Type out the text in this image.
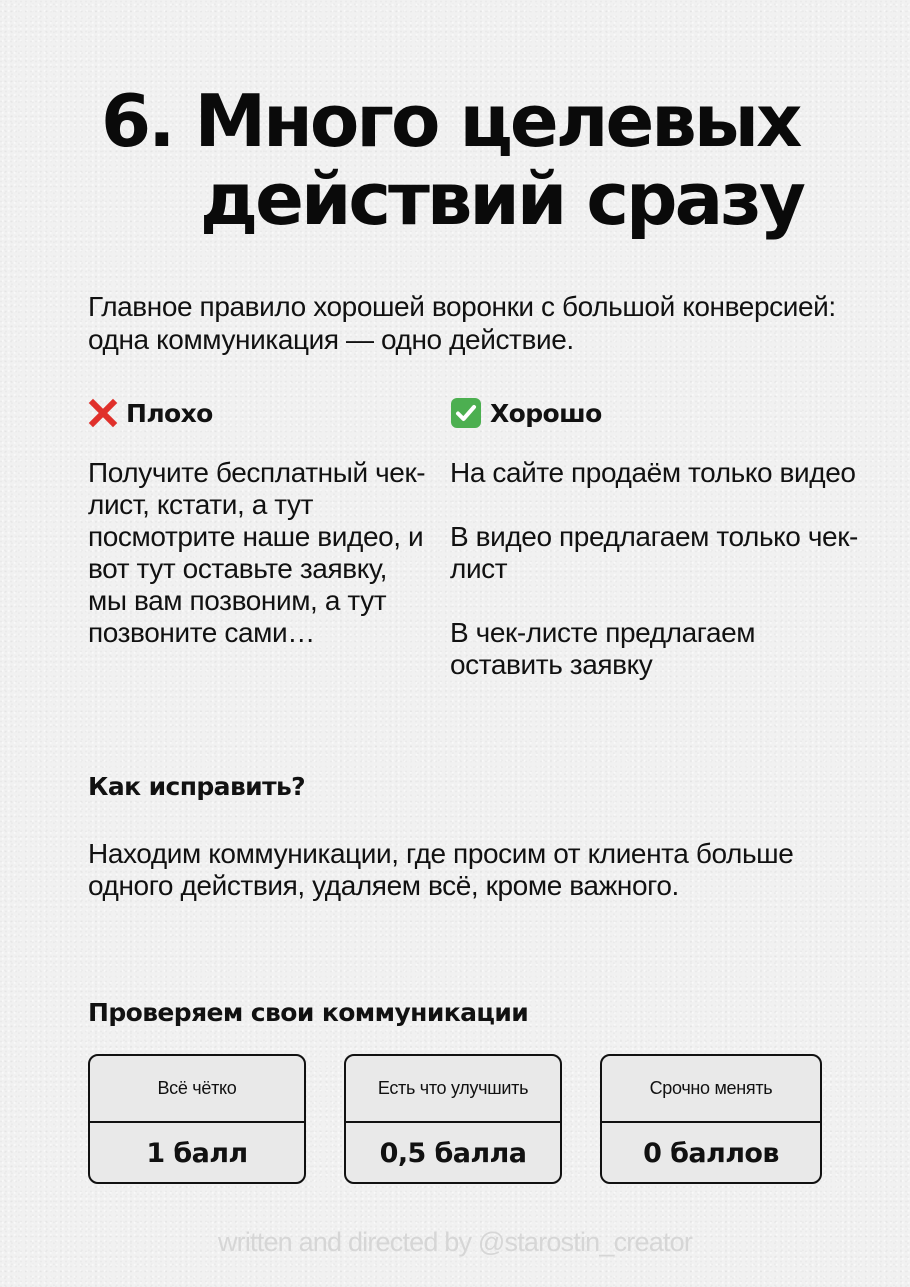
6. Много целевых
действий сразу

Главное правило хорошей воронки с большой конверсией: одна коммуникация — одно действие.

Плохо

Получите бесплатный чек-лист, кстати, а тут посмотрите наше видео, и вот тут оставьте заявку, мы вам позвоним, а тут позвоните сами…

Хорошо

На сайте продаём только видео

В видео предлагаем только чек-лист

В чек-листе предлагаем оставить заявку

Как исправить?

Находим коммуникации, где просим от клиента больше одного действия, удаляем всё, кроме важного.

Проверяем свои коммуникации
Всё чётко
1 балл
Есть что улучшить
0,5 балла
Срочно менять
0 баллов

written and directed by @starostin_creator
